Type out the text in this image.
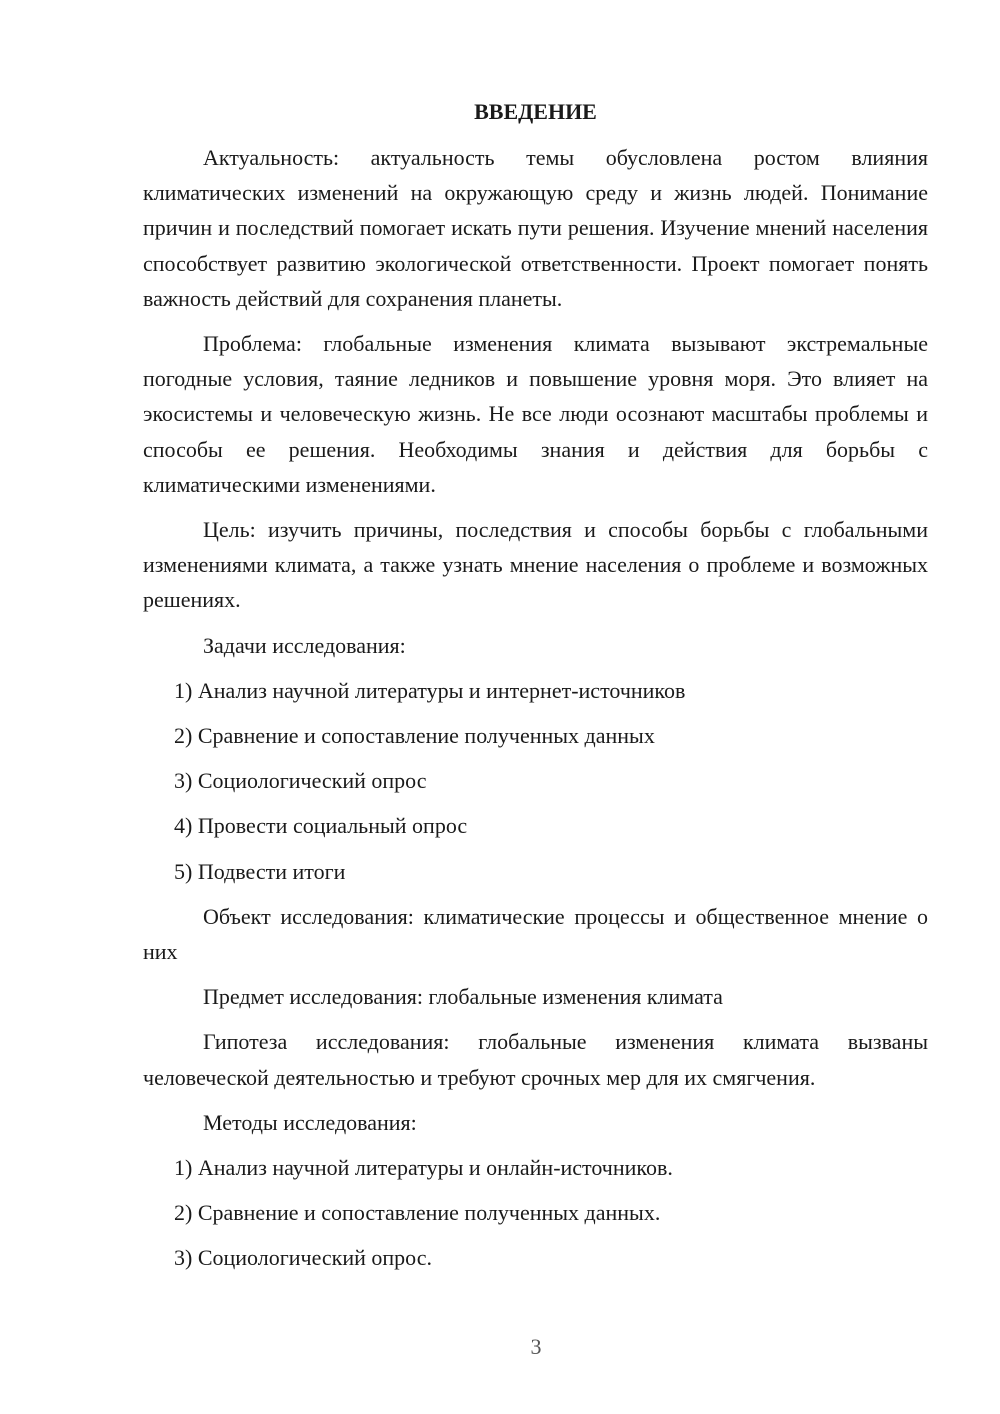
ВВЕДЕНИЕ

Актуальность: актуальность темы обусловлена ростом влияния климатических изменений на окружающую среду и жизнь людей. Понимание причин и последствий помогает искать пути решения. Изучение мнений населения способствует развитию экологической ответственности. Проект помогает понять важность действий для сохранения планеты.

Проблема: глобальные изменения климата вызывают экстремальные погодные условия, таяние ледников и повышение уровня моря. Это влияет на экосистемы и человеческую жизнь. Не все люди осознают масштабы проблемы и способы ее решения. Необходимы знания и действия для борьбы с климатическими изменениями.

Цель: изучить причины, последствия и способы борьбы с глобальными изменениями климата, а также узнать мнение населения о проблеме и возможных решениях.

Задачи исследования:

1) Анализ научной литературы и интернет-источников
2) Сравнение и сопоставление полученных данных
3) Социологический опрос
4) Провести социальный опрос
5) Подвести итоги

Объект исследования: климатические процессы и общественное мнение о них

Предмет исследования: глобальные изменения климата

Гипотеза исследования: глобальные изменения климата вызваны человеческой деятельностью и требуют срочных мер для их смягчения.

Методы исследования:

1) Анализ научной литературы и онлайн-источников.
2) Сравнение и сопоставление полученных данных.
3) Социологический опрос.
3
